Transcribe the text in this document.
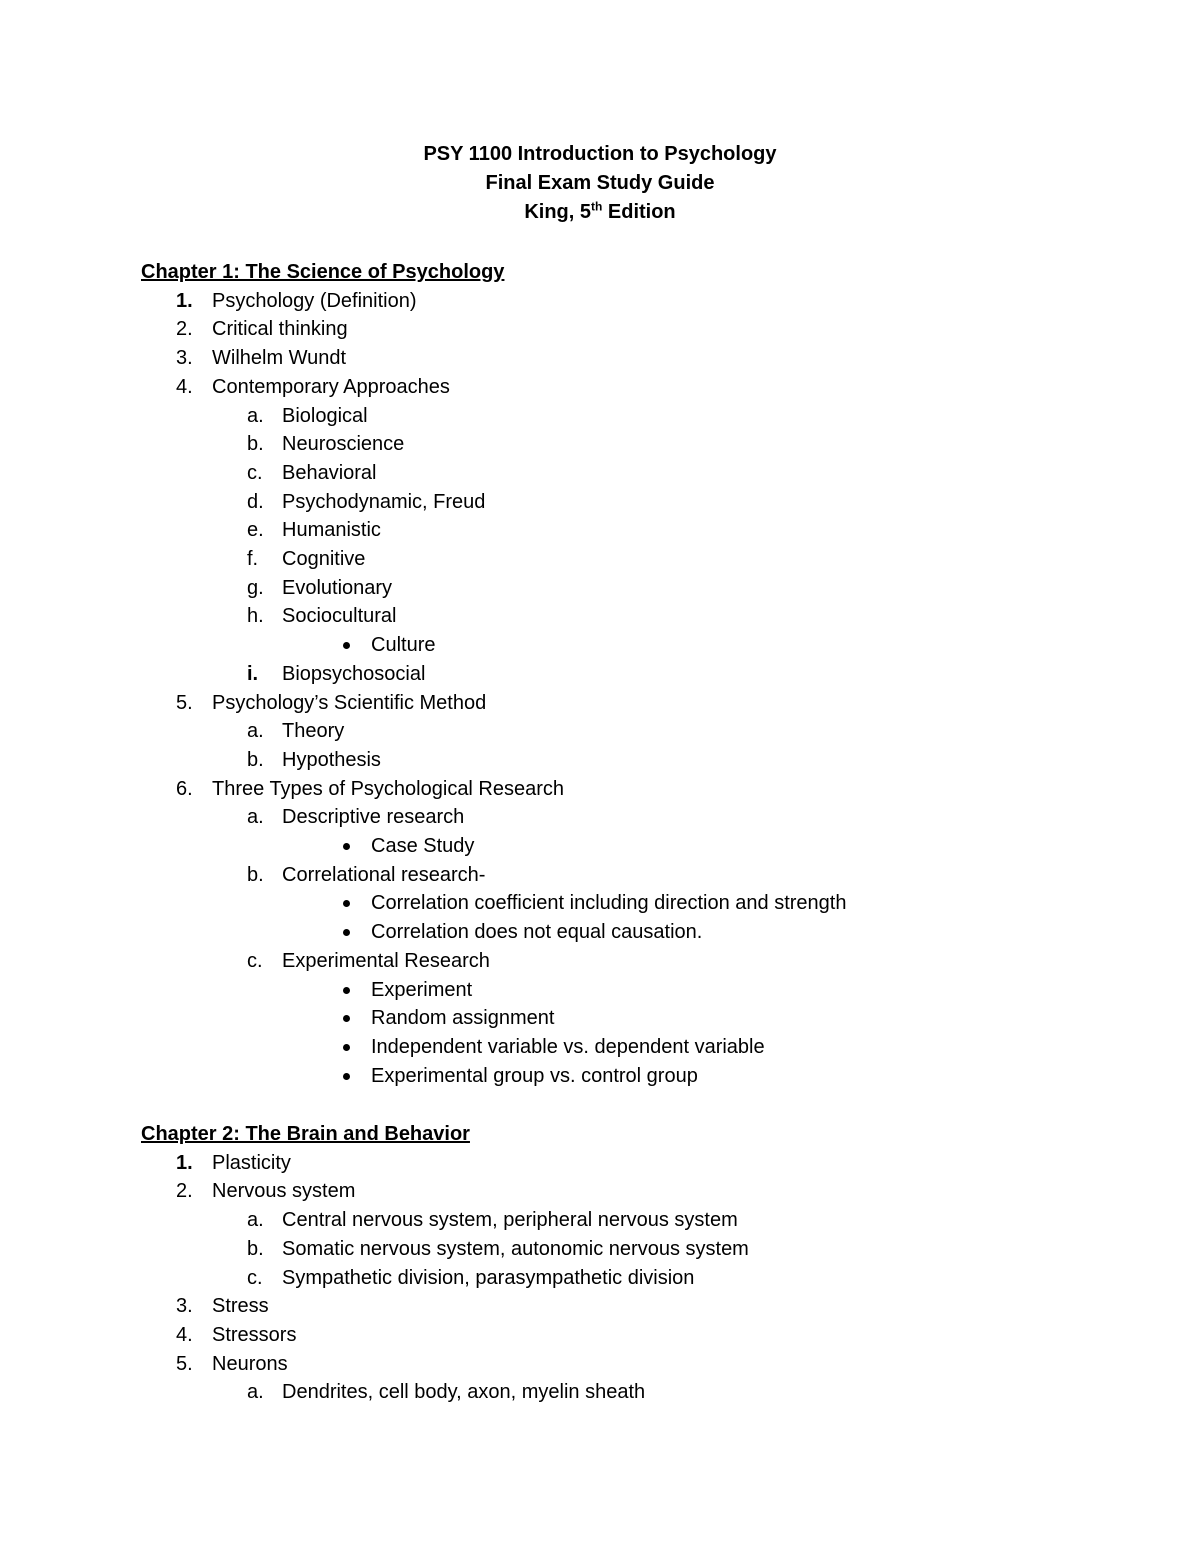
PSY 1100 Introduction to Psychology
Final Exam Study Guide
King, 5th Edition
Chapter 1: The Science of Psychology
1. Psychology (Definition)
2. Critical thinking
3. Wilhelm Wundt
4. Contemporary Approaches
a. Biological
b. Neuroscience
c. Behavioral
d. Psychodynamic, Freud
e. Humanistic
f. Cognitive
g. Evolutionary
h. Sociocultural
Culture
i. Biopsychosocial
5. Psychology’s Scientific Method
a. Theory
b. Hypothesis
6. Three Types of Psychological Research
a. Descriptive research
Case Study
b. Correlational research-
Correlation coefficient including direction and strength
Correlation does not equal causation.
c. Experimental Research
Experiment
Random assignment
Independent variable vs. dependent variable
Experimental group vs. control group
Chapter 2: The Brain and Behavior
1. Plasticity
2. Nervous system
a. Central nervous system, peripheral nervous system
b. Somatic nervous system, autonomic nervous system
c. Sympathetic division, parasympathetic division
3. Stress
4. Stressors
5. Neurons
a. Dendrites, cell body, axon, myelin sheath
